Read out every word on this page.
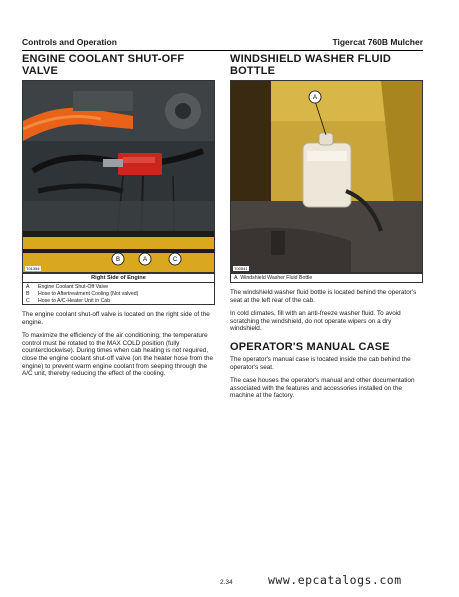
Controls and Operation	Tigercat 760B Mulcher
ENGINE COOLANT SHUT-OFF VALVE
B	A	C
T01354
Right Side of Engine	
A	Engine Coolant Shut-Off Valve
B	Hose to Aftertreatment Cooling (Not valved)
C	Hose to A/C-Heater Unit in Cab

The engine coolant shut-off valve is located on the right side of the engine.

To maximize the efficiency of the air conditioning, the temperature control must be rotated to the MAX COLD position (fully counterclockwise). During times when cab heating is not required, close the engine coolant shut-off valve (on the heater hose from the engine) to prevent warm engine coolant from seeping through the A/C unit, thereby reducing the effect of the cooling.

WINDSHIELD WASHER FLUID BOTTLE
A
T00541
A Windshield Washer Fluid Bottle

The windshield washer fluid bottle is located behind the operator's seat at the left rear of the cab.

In cold climates, fill with an anti-freeze washer fluid. To avoid scratching the windshield, do not operate wipers on a dry windshield.

OPERATOR'S MANUAL CASE

The operator's manual case is located inside the cab behind the operator's seat.

The case houses the operator's manual and other documentation associated with the features and accessories installed on the machine at the factory.

2.34	www.epcatalogs.com
